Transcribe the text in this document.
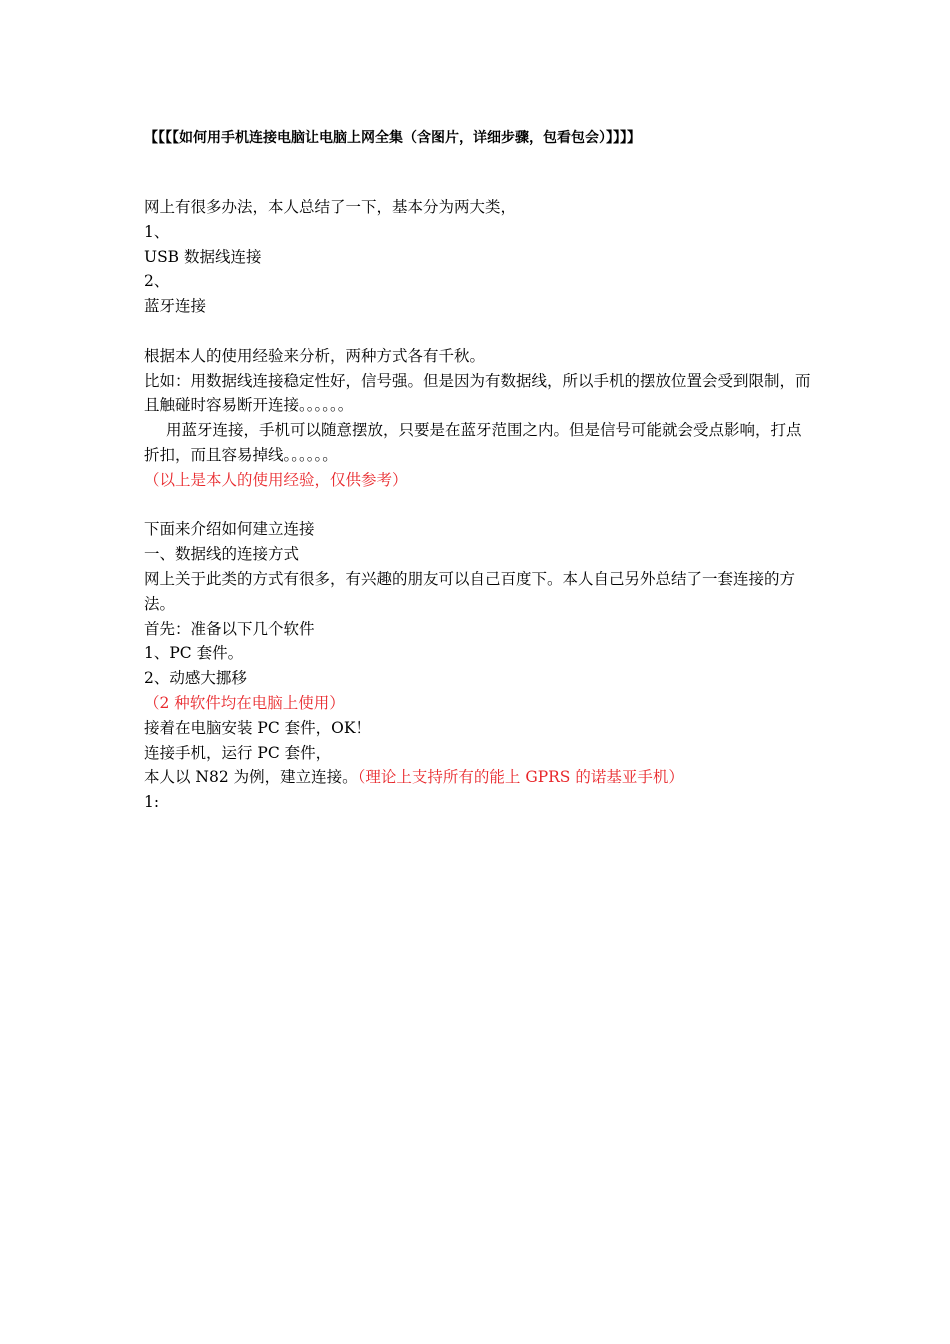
【【【【如何用手机连接电脑让电脑上网全集（含图片，详细步骤，包看包会）】】】】
网上有很多办法，本人总结了一下，基本分为两大类，
1、
USB 数据线连接
2、
蓝牙连接
根据本人的使用经验来分析，两种方式各有千秋。
比如：用数据线连接稳定性好，信号强。但是因为有数据线，所以手机的摆放位置会受到限制，而且触碰时容易断开连接。。。。。。
用蓝牙连接，手机可以随意摆放，只要是在蓝牙范围之内。但是信号可能就会受点影响，打点折扣，而且容易掉线。。。。。。
（以上是本人的使用经验，仅供参考）
下面来介绍如何建立连接
一、数据线的连接方式
网上关于此类的方式有很多，有兴趣的朋友可以自己百度下。本人自己另外总结了一套连接的方法。
首先：准备以下几个软件
1、PC 套件。
2、动感大挪移
（2 种软件均在电脑上使用）
接着在电脑安装 PC 套件，OK！
连接手机，运行 PC 套件，
本人以 N82 为例，建立连接。（理论上支持所有的能上 GPRS 的诺基亚手机）
1:
